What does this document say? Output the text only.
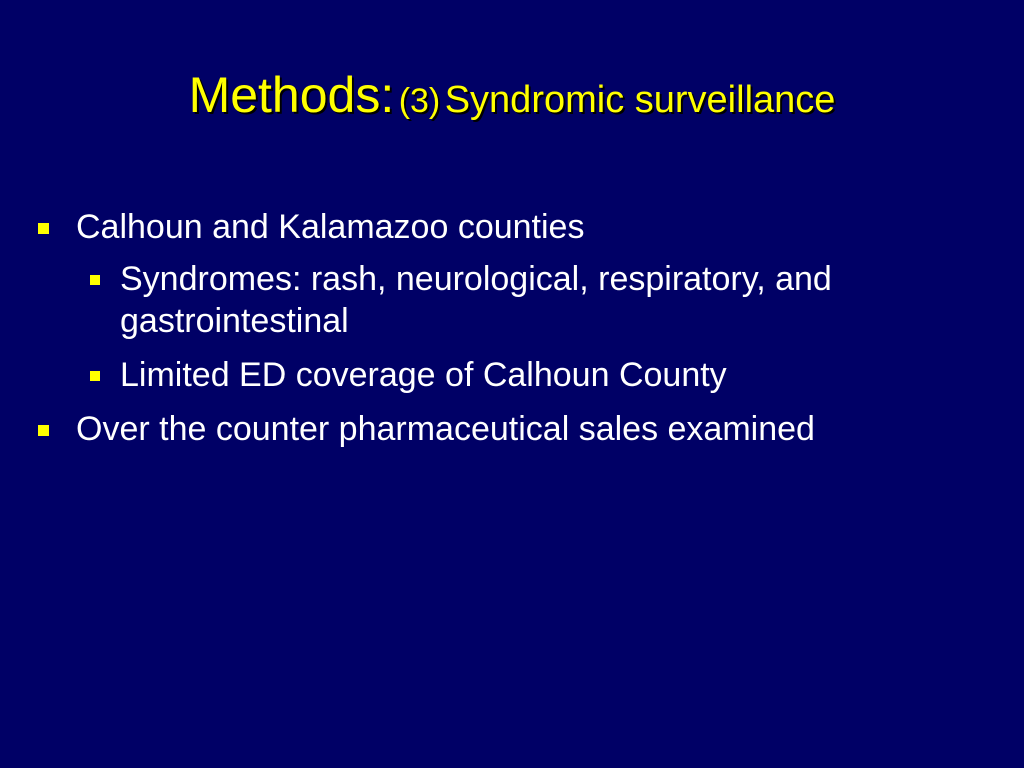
Methods: (3) Syndromic surveillance
Calhoun and Kalamazoo counties
Syndromes: rash, neurological, respiratory, and gastrointestinal
Limited ED coverage of Calhoun County
Over the counter pharmaceutical sales examined
